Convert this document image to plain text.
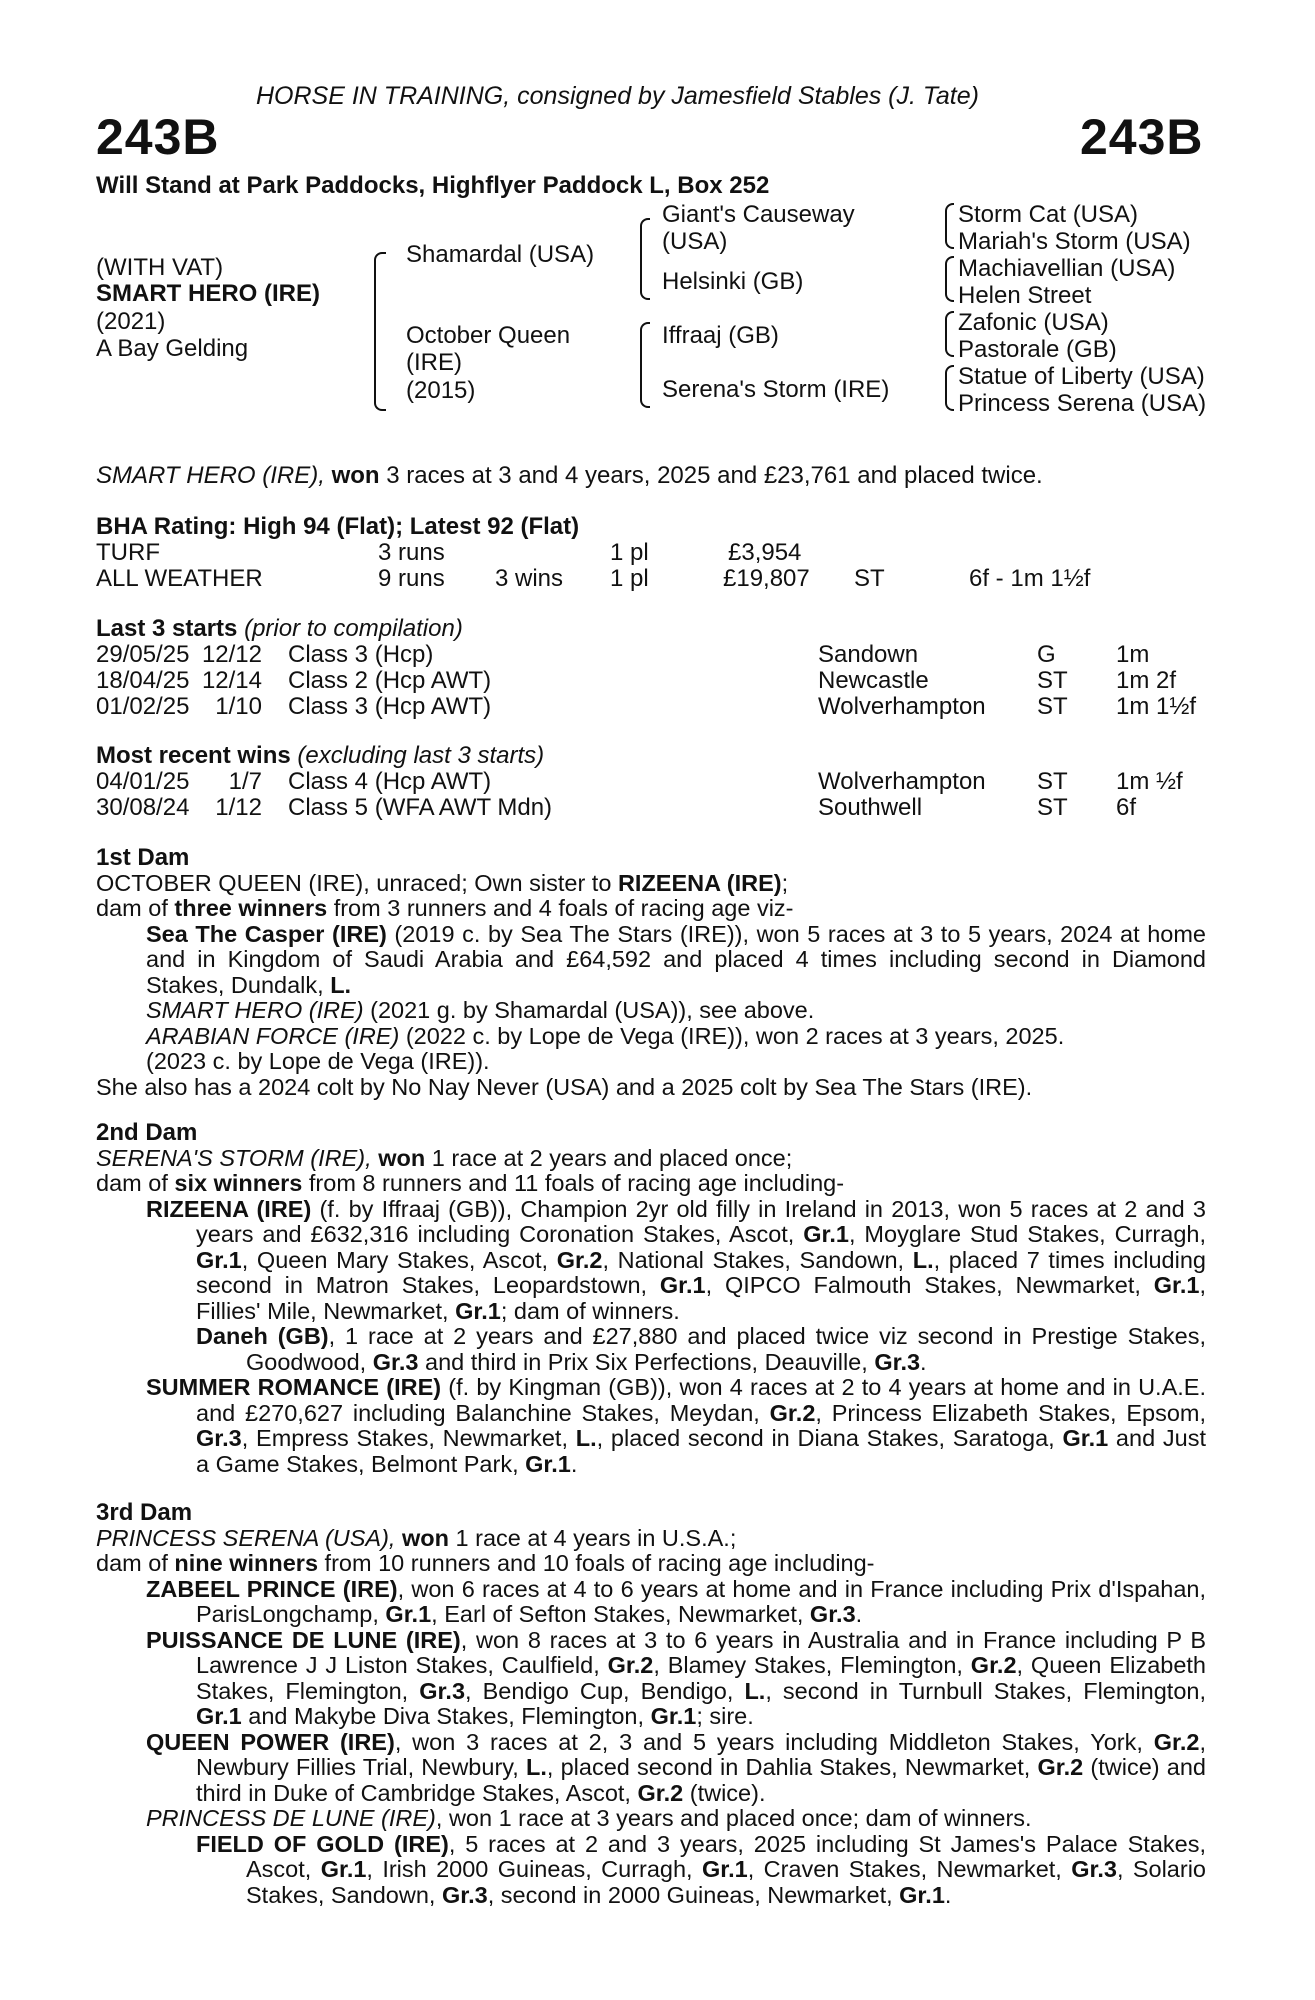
HORSE IN TRAINING, consigned by Jamesfield Stables (J. Tate)
243B	243B
Will Stand at Park Paddocks, Highflyer Paddock L, Box 252
(WITH VAT)
SMART HERO (IRE)
(2021)
A Bay Gelding
Shamardal (USA)
October Queen
(IRE)
(2015)
Giant's Causeway
(USA)
Helsinki (GB)
Iffraaj (GB)
Serena's Storm (IRE)
Storm Cat (USA)
Mariah's Storm (USA)
Machiavellian (USA)
Helen Street
Zafonic (USA)
Pastorale (GB)
Statue of Liberty (USA)
Princess Serena (USA)
SMART HERO (IRE), won 3 races at 3 and 4 years, 2025 and £23,761 and placed twice.
BHA Rating: High 94 (Flat); Latest 92 (Flat)
TURF	3 runs	1 pl	£3,954
ALL WEATHER	9 runs 3 wins 1 pl	£19,807 ST	6f - 1m 1½f
Last 3 starts (prior to compilation)
29/05/25 12/12 Class 3 (Hcp)	Sandown	G	1m
18/04/25 12/14 Class 2 (Hcp AWT)	Newcastle	ST 1m 2f
01/02/25	1/10 Class 3 (Hcp AWT)	Wolverhampton ST 1m 1½f
Most recent wins (excluding last 3 starts)
04/01/25	1/7 Class 4 (Hcp AWT)	Wolverhampton ST 1m ½f
30/08/24	1/12 Class 5 (WFA AWT Mdn)	Southwell	ST 6f

1st Dam

OCTOBER QUEEN (IRE), unraced; Own sister to RIZEENA (IRE);

dam of three winners from 3 runners and 4 foals of racing age viz-

Sea The Casper (IRE) (2019 c. by Sea The Stars (IRE)), won 5 races at 3 to 5 years, 2024 at home and in Kingdom of Saudi Arabia and £64,592 and placed 4 times including second in Diamond Stakes, Dundalk, L.

SMART HERO (IRE) (2021 g. by Shamardal (USA)), see above.

ARABIAN FORCE (IRE) (2022 c. by Lope de Vega (IRE)), won 2 races at 3 years, 2025.

(2023 c. by Lope de Vega (IRE)).

She also has a 2024 colt by No Nay Never (USA) and a 2025 colt by Sea The Stars (IRE).

2nd Dam

SERENA'S STORM (IRE), won 1 race at 2 years and placed once;

dam of six winners from 8 runners and 11 foals of racing age including-

RIZEENA (IRE) (f. by Iffraaj (GB)), Champion 2yr old filly in Ireland in 2013, won 5 races at 2 and 3 years and £632,316 including Coronation Stakes, Ascot, Gr.1, Moyglare Stud Stakes, Curragh, Gr.1, Queen Mary Stakes, Ascot, Gr.2, National Stakes, Sandown, L., placed 7 times including second in Matron Stakes, Leopardstown, Gr.1, QIPCO Falmouth Stakes, Newmarket, Gr.1, Fillies' Mile, Newmarket, Gr.1; dam of winners.

Daneh (GB), 1 race at 2 years and £27,880 and placed twice viz second in Prestige Stakes, Goodwood, Gr.3 and third in Prix Six Perfections, Deauville, Gr.3.

SUMMER ROMANCE (IRE) (f. by Kingman (GB)), won 4 races at 2 to 4 years at home and in U.A.E. and £270,627 including Balanchine Stakes, Meydan, Gr.2, Princess Elizabeth Stakes, Epsom, Gr.3, Empress Stakes, Newmarket, L., placed second in Diana Stakes, Saratoga, Gr.1 and Just a Game Stakes, Belmont Park, Gr.1.

3rd Dam

PRINCESS SERENA (USA), won 1 race at 4 years in U.S.A.;

dam of nine winners from 10 runners and 10 foals of racing age including-

ZABEEL PRINCE (IRE), won 6 races at 4 to 6 years at home and in France including Prix d'Ispahan, ParisLongchamp, Gr.1, Earl of Sefton Stakes, Newmarket, Gr.3.

PUISSANCE DE LUNE (IRE), won 8 races at 3 to 6 years in Australia and in France including P B Lawrence J J Liston Stakes, Caulfield, Gr.2, Blamey Stakes, Flemington, Gr.2, Queen Elizabeth Stakes, Flemington, Gr.3, Bendigo Cup, Bendigo, L., second in Turnbull Stakes, Flemington, Gr.1 and Makybe Diva Stakes, Flemington, Gr.1; sire.

QUEEN POWER (IRE), won 3 races at 2, 3 and 5 years including Middleton Stakes, York, Gr.2, Newbury Fillies Trial, Newbury, L., placed second in Dahlia Stakes, Newmarket, Gr.2 (twice) and third in Duke of Cambridge Stakes, Ascot, Gr.2 (twice).

PRINCESS DE LUNE (IRE), won 1 race at 3 years and placed once; dam of winners.

FIELD OF GOLD (IRE), 5 races at 2 and 3 years, 2025 including St James's Palace Stakes, Ascot, Gr.1, Irish 2000 Guineas, Curragh, Gr.1, Craven Stakes, Newmarket, Gr.3, Solario Stakes, Sandown, Gr.3, second in 2000 Guineas, Newmarket, Gr.1.
